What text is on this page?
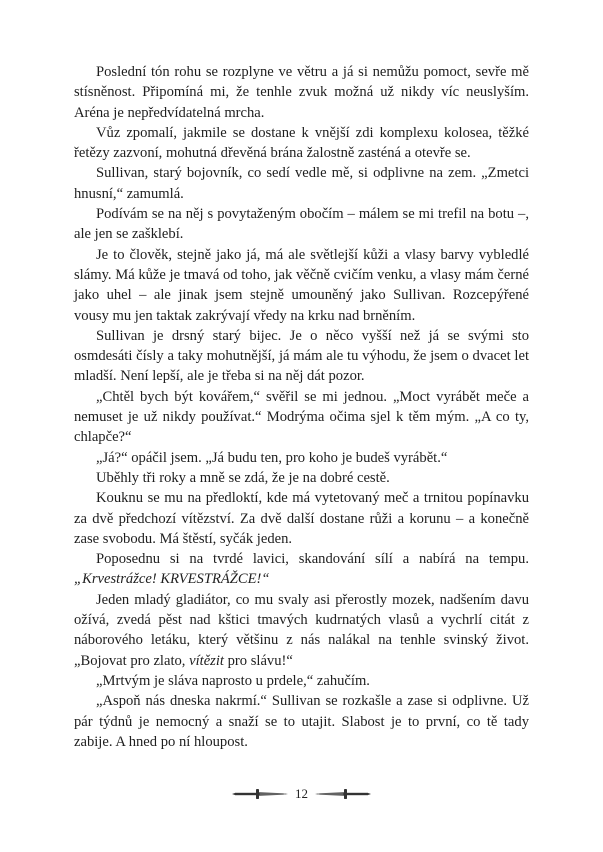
Poslední tón rohu se rozplyne ve větru a já si nemůžu pomoct, sevře mě stísněnost. Připomíná mi, že tenhle zvuk možná už nikdy víc neuslyším. Aréna je nepředvídatelná mrcha.

Vůz zpomalí, jakmile se dostane k vnější zdi komplexu kolosea, těžké řetězy zazvoní, mohutná dřevěná brána žalostně zasténá a otevře se.

Sullivan, starý bojovník, co sedí vedle mě, si odplivne na zem. „Zmetci hnusní,“ zamumlá.

Podívám se na něj s povytaženým obočím – málem se mi trefil na botu –, ale jen se zašklebí.

Je to člověk, stejně jako já, má ale světlejší kůži a vlasy barvy vybledlé slámy. Má kůže je tmavá od toho, jak věčně cvičím venku, a vlasy mám černé jako uhel – ale jinak jsem stejně umouněný jako Sullivan. Rozcepýřené vousy mu jen taktak zakrývají vředy na krku nad brněním.

Sullivan je drsný starý bijec. Je o něco vyšší než já se svými sto osmdesáti čísly a taky mohutnější, já mám ale tu výhodu, že jsem o dvacet let mladší. Není lepší, ale je třeba si na něj dát pozor.

„Chtěl bych být kovářem,“ svěřil se mi jednou. „Moct vyrábět meče a nemuset je už nikdy používat.“ Modrýma očima sjel k těm mým. „A co ty, chlapče?“

„Já?“ opáčil jsem. „Já budu ten, pro koho je budeš vyrábět.“

Uběhly tři roky a mně se zdá, že je na dobré cestě.

Kouknu se mu na předloktí, kde má vytetovaný meč a trnitou popínavku za dvě předchozí vítězství. Za dvě další dostane růži a korunu – a konečně zase svobodu. Má štěstí, syčák jeden.

Poposednu si na tvrdé lavici, skandování sílí a nabírá na tempu. „Krvestrážce! KRVESTRÁŽCE!“

Jeden mladý gladiátor, co mu svaly asi přerostly mozek, nadšením davu ožívá, zvedá pěst nad kštici tmavých kudrnatých vlasů a vychrlí citát z náborového letáku, který většinu z nás nalákal na tenhle svinský život. „Bojovat pro zlato, vítězit pro slávu!“

„Mrtvým je sláva naprosto u prdele,“ zahučím.

„Aspoň nás dneska nakrmí.“ Sullivan se rozkašle a zase si odplivne. Už pár týdnů je nemocný a snaží se to utajit. Slabost je to první, co tě tady zabije. A hned po ní hloupost.

12
